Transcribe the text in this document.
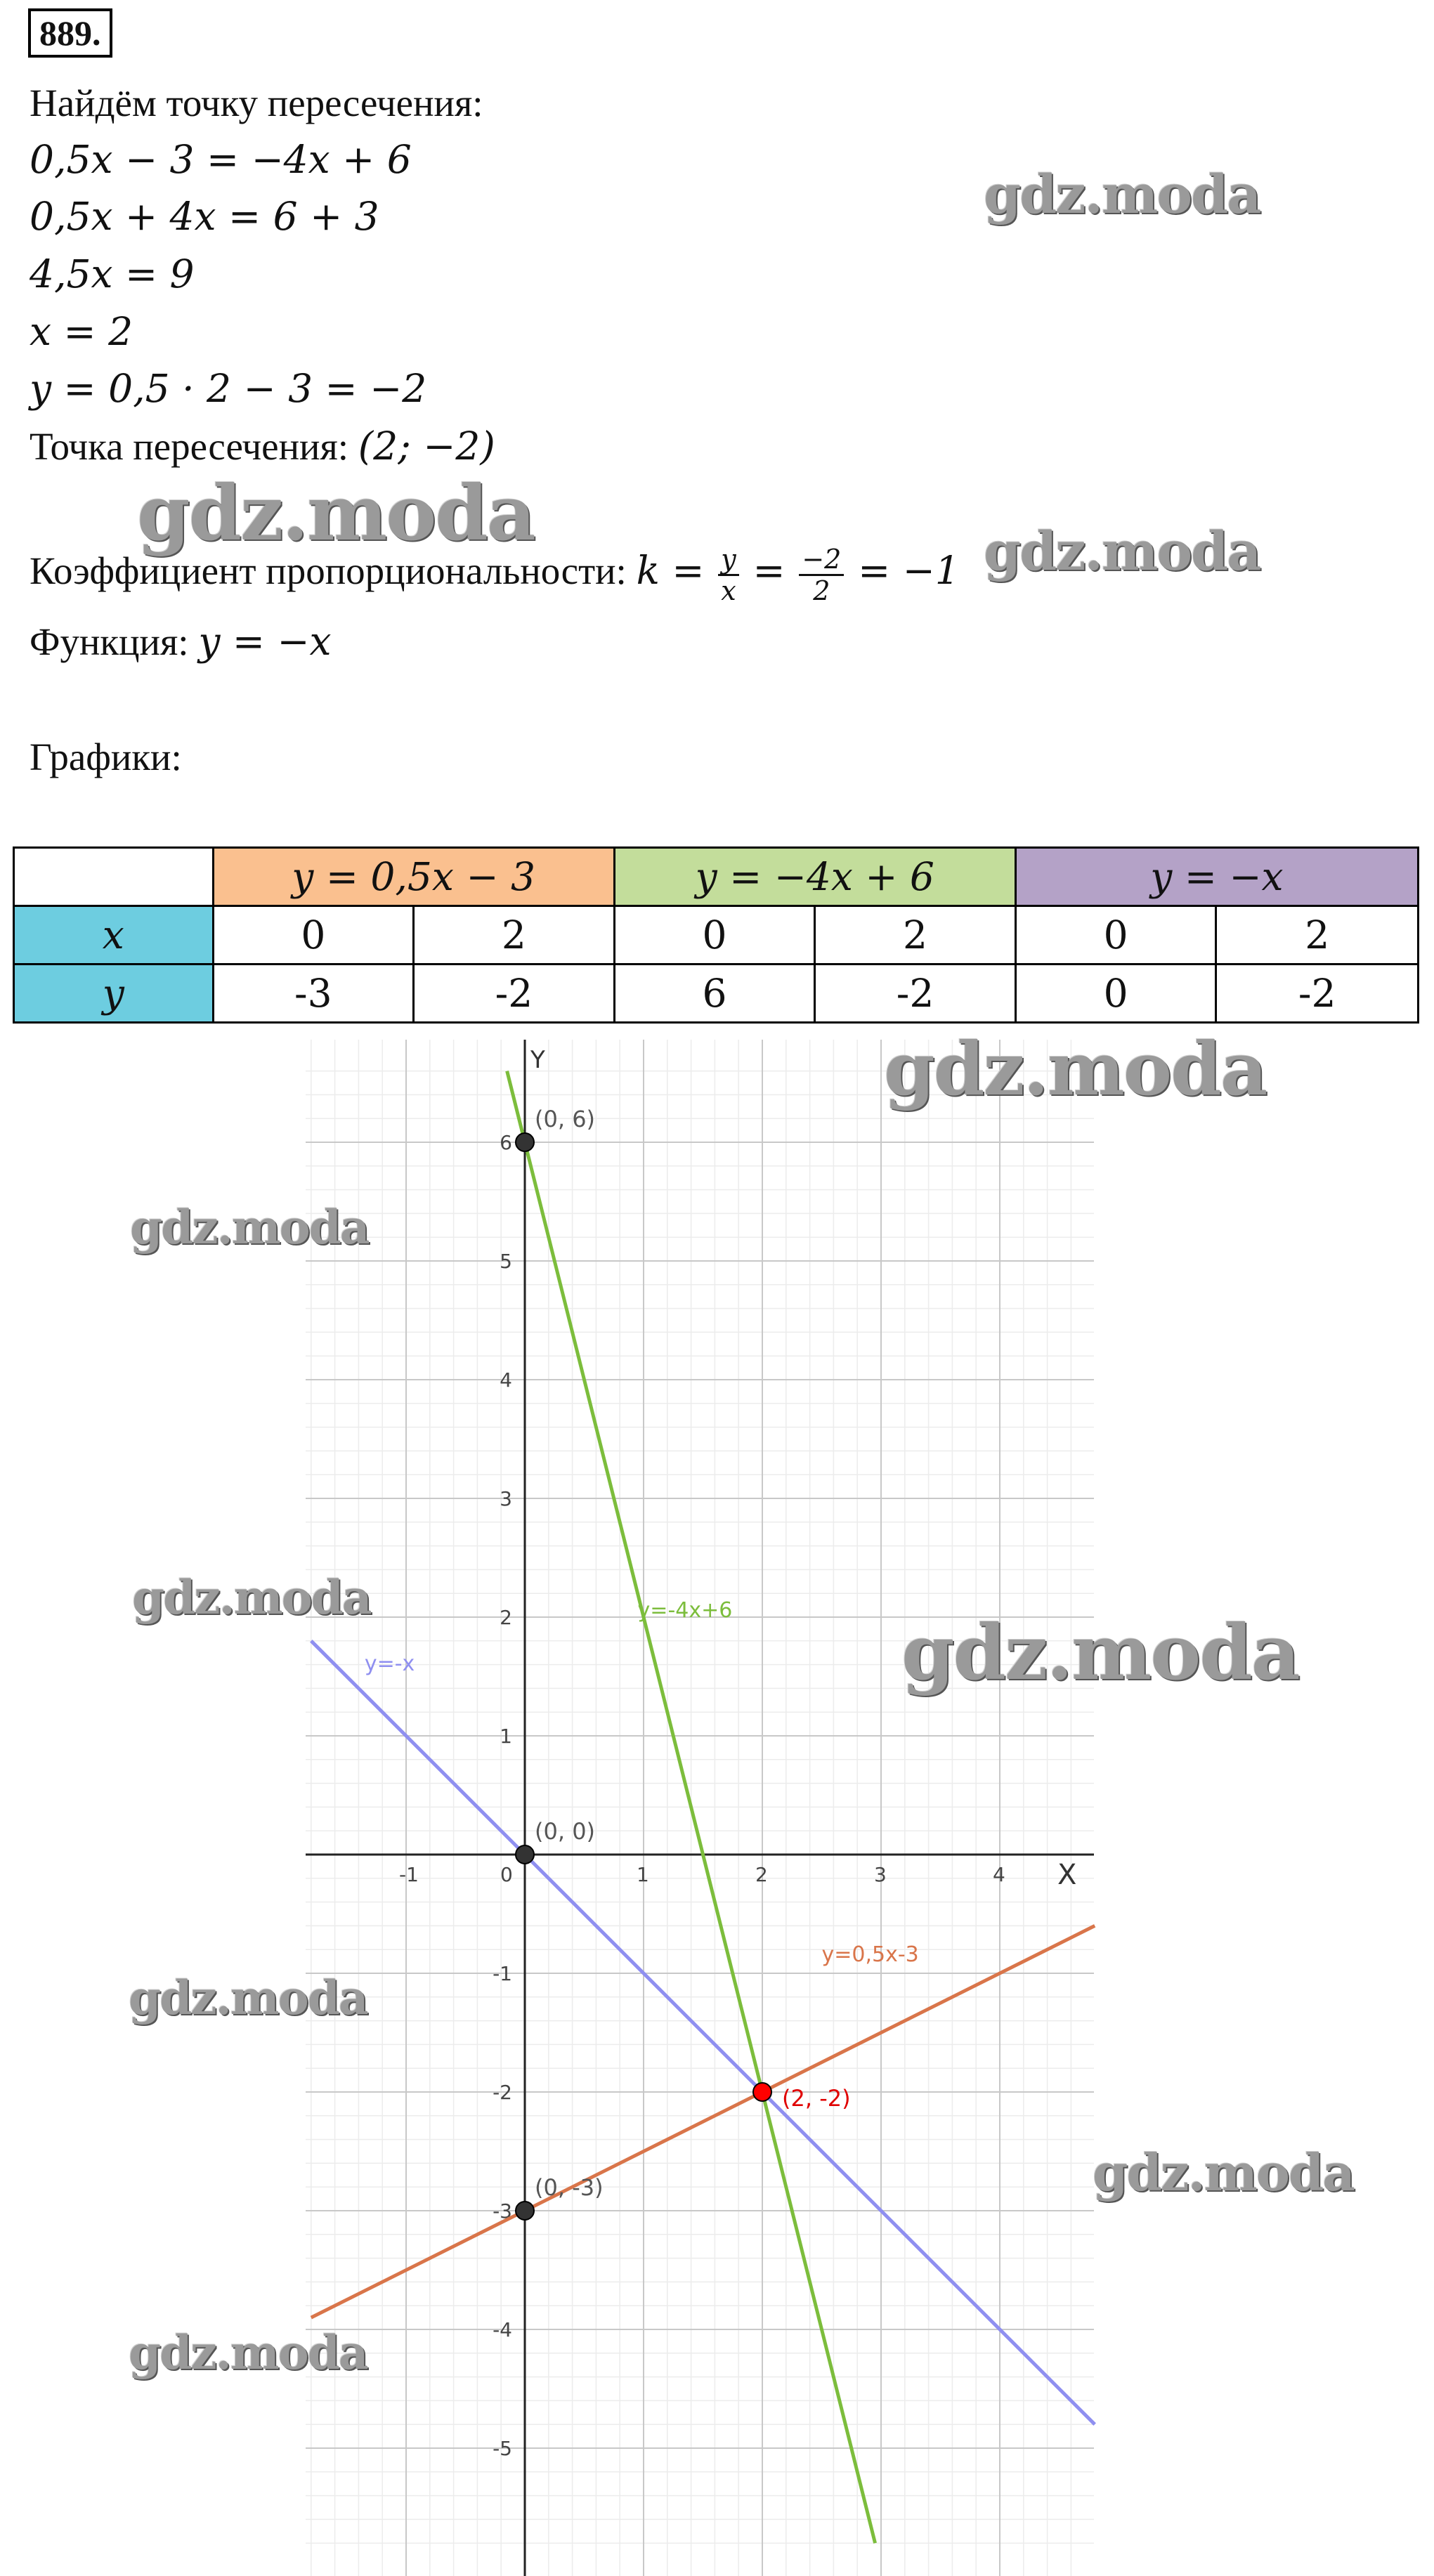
889.
Найдём точку пересечения:
0,5x − 3 = −4x + 6
0,5x + 4x = 6 + 3
4,5x = 9
x = 2
y = 0,5 · 2 − 3 = −2
Точка пересечения: (2; −2)
Коэффициент пропорциональности: $k = \frac{y}{x} = \frac{-2}{2} = -1$
Функция: y = −x
Графики:
	y = 0,5x − 3		y = −4x + 6		y = −x	
x	0	2	0	2	0	2
y	-3	-2	6	-2	0	-2
X
Y
-1	0	1	2	3	4
-5
-4
-3
-2
-1
1
2
3
4
5
6
y=-4x+6
y=-x
y=0,5x-3
(0, 6)
(0, 0)
(0, -3)
(2, -2)
gdz.moda
gdz.moda	gdz.moda
gdz.moda
gdz.moda
gdz.moda
gdz.moda
gdz.moda
gdz.moda
gdz.moda
